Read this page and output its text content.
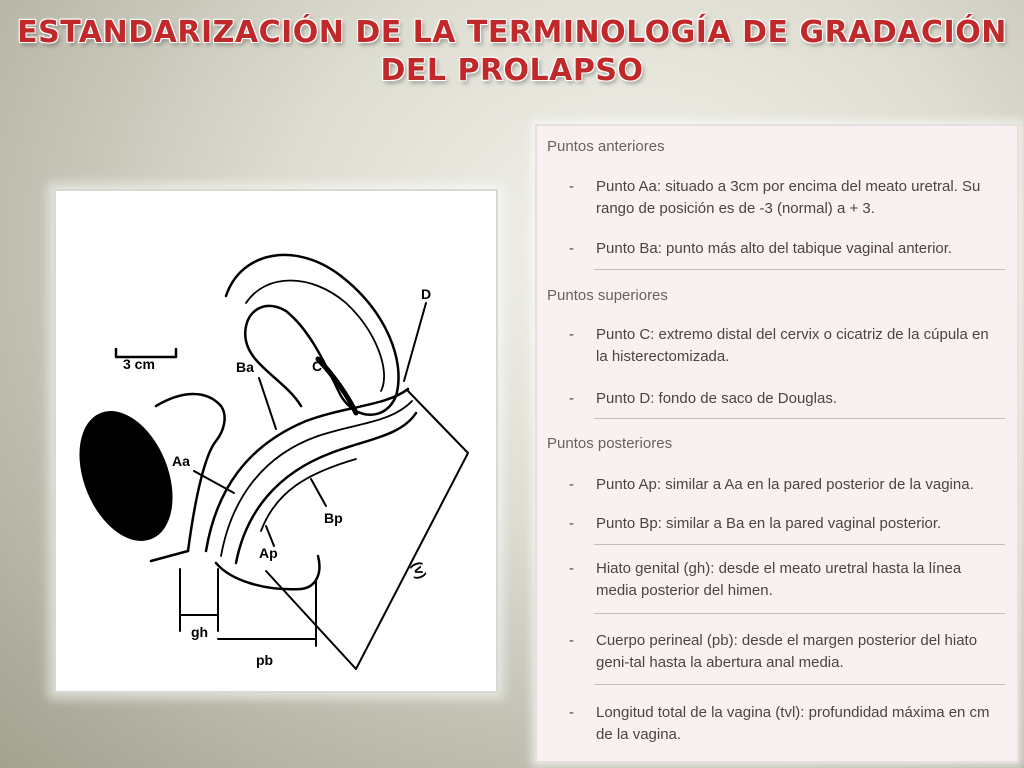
ESTANDARIZACIÓN DE LA TERMINOLOGÍA DE GRADACIÓN
DEL PROLAPSO
3 cm
D
C
Ba
Aa
Ap
Bp
gh
pb
(v)
Puntos anteriores
- Punto Aa: situado a 3cm por encima del meato uretral. Su rango de posición es de -3 (normal) a + 3.
- Punto Ba: punto más alto del tabique vaginal anterior.
Puntos superiores
- Punto C: extremo distal del cervix o cicatriz de la cúpula en la histerectomizada.
- Punto D: fondo de saco de Douglas.
Puntos posteriores
- Punto Ap: similar a Aa en la pared posterior de la vagina.
- Punto Bp: similar a Ba en la pared vaginal posterior.
- Hiato genital (gh): desde el meato uretral hasta la línea media posterior del himen.
- Cuerpo perineal (pb): desde el margen posterior del hiato geni-tal hasta la abertura anal media.
- Longitud total de la vagina (tvl): profundidad máxima en cm de la vagina.
